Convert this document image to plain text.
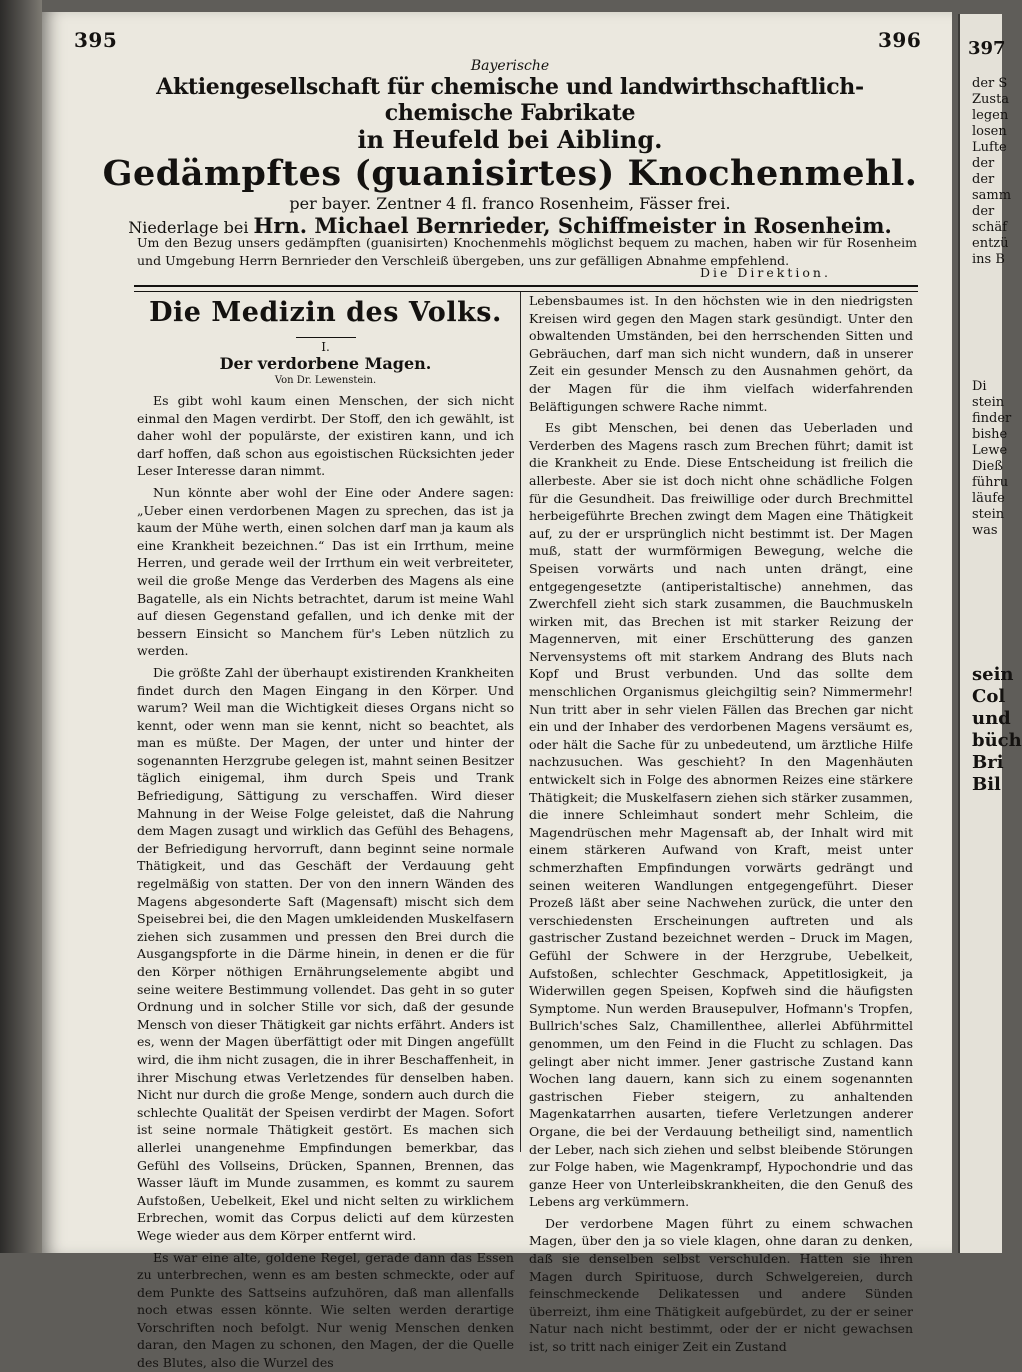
395	396
Bayerische
Aktiengesellschaft für chemische und landwirthschaftlich-chemische Fabrikate
in Heufeld bei Aibling.
Gedämpftes (guanisirtes) Knochenmehl.
per bayer. Zentner 4 fl. franco Rosenheim, Fässer frei.
Niederlage bei Hrn. Michael Bernrieder, Schiffmeister in Rosenheim.
Um den Bezug unsers gedämpften (guanisirten) Knochenmehls möglichst bequem zu machen, haben wir für Rosenheim und Umgebung Herrn Bernrieder den Verschleiß übergeben, uns zur gefälligen Abnahme empfehlend.
Die Direktion.
Die Medizin des Volks.
I.
Der verdorbene Magen.
Von Dr. Lewenstein.

Es gibt wohl kaum einen Menschen, der sich nicht einmal den Magen verdirbt. Der Stoff, den ich gewählt, ist daher wohl der populärste, der existiren kann, und ich darf hoffen, daß schon aus egoistischen Rücksichten jeder Leser Interesse daran nimmt.

Nun könnte aber wohl der Eine oder Andere sagen: „Ueber einen verdorbenen Magen zu sprechen, das ist ja kaum der Mühe werth, einen solchen darf man ja kaum als eine Krankheit bezeichnen.“ Das ist ein Irrthum, meine Herren, und gerade weil der Irrthum ein weit verbreiteter, weil die große Menge das Verderben des Magens als eine Bagatelle, als ein Nichts betrachtet, darum ist meine Wahl auf diesen Gegenstand gefallen, und ich denke mit der bessern Einsicht so Manchem für's Leben nützlich zu werden.

Die größte Zahl der überhaupt existirenden Krankheiten findet durch den Magen Eingang in den Körper. Und warum? Weil man die Wichtigkeit dieses Organs nicht so kennt, oder wenn man sie kennt, nicht so beachtet, als man es müßte. Der Magen, der unter und hinter der sogenannten Herzgrube gelegen ist, mahnt seinen Besitzer täglich einigemal, ihm durch Speis und Trank Befriedigung, Sättigung zu verschaffen. Wird dieser Mahnung in der Weise Folge geleistet, daß die Nahrung dem Magen zusagt und wirklich das Gefühl des Behagens, der Befriedigung hervorruft, dann beginnt seine normale Thätigkeit, und das Geschäft der Verdauung geht regelmäßig von statten. Der von den innern Wänden des Magens abgesonderte Saft (Magensaft) mischt sich dem Speisebrei bei, die den Magen umkleidenden Muskelfasern ziehen sich zusammen und pressen den Brei durch die Ausgangspforte in die Därme hinein, in denen er die für den Körper nöthigen Ernährungselemente abgibt und seine weitere Bestimmung vollendet. Das geht in so guter Ordnung und in solcher Stille vor sich, daß der gesunde Mensch von dieser Thätigkeit gar nichts erfährt. Anders ist es, wenn der Magen überfättigt oder mit Dingen angefüllt wird, die ihm nicht zusagen, die in ihrer Beschaffenheit, in ihrer Mischung etwas Verletzendes für denselben haben. Nicht nur durch die große Menge, sondern auch durch die schlechte Qualität der Speisen verdirbt der Magen. Sofort ist seine normale Thätigkeit gestört. Es machen sich allerlei unangenehme Empfindungen bemerkbar, das Gefühl des Vollseins, Drücken, Spannen, Brennen, das Wasser läuft im Munde zusammen, es kommt zu saurem Aufstoßen, Uebelkeit, Ekel und nicht selten zu wirklichem Erbrechen, womit das Corpus delicti auf dem kürzesten Wege wieder aus dem Körper entfernt wird.

Es war eine alte, goldene Regel, gerade dann das Essen zu unterbrechen, wenn es am besten schmeckte, oder auf dem Punkte des Sattseins aufzuhören, daß man allenfalls noch etwas essen könnte. Wie selten werden derartige Vorschriften noch befolgt. Nur wenig Menschen denken daran, den Magen zu schonen, den Magen, der die Quelle des Blutes, also die Wurzel des

Lebensbaumes ist. In den höchsten wie in den niedrigsten Kreisen wird gegen den Magen stark gesündigt. Unter den obwaltenden Umständen, bei den herrschenden Sitten und Gebräuchen, darf man sich nicht wundern, daß in unserer Zeit ein gesunder Mensch zu den Ausnahmen gehört, da der Magen für die ihm vielfach widerfahrenden Beläftigungen schwere Rache nimmt.

Es gibt Menschen, bei denen das Ueberladen und Verderben des Magens rasch zum Brechen führt; damit ist die Krankheit zu Ende. Diese Entscheidung ist freilich die allerbeste. Aber sie ist doch nicht ohne schädliche Folgen für die Gesundheit. Das freiwillige oder durch Brechmittel herbeigeführte Brechen zwingt dem Magen eine Thätigkeit auf, zu der er ursprünglich nicht bestimmt ist. Der Magen muß, statt der wurmförmigen Bewegung, welche die Speisen vorwärts und nach unten drängt, eine entgegengesetzte (antiperistaltische) annehmen, das Zwerchfell zieht sich stark zusammen, die Bauchmuskeln wirken mit, das Brechen ist mit starker Reizung der Magennerven, mit einer Erschütterung des ganzen Nervensystems oft mit starkem Andrang des Bluts nach Kopf und Brust verbunden. Und das sollte dem menschlichen Organismus gleichgiltig sein? Nimmermehr! Nun tritt aber in sehr vielen Fällen das Brechen gar nicht ein und der Inhaber des verdorbenen Magens versäumt es, oder hält die Sache für zu unbedeutend, um ärztliche Hilfe nachzusuchen. Was geschieht? In den Magenhäuten entwickelt sich in Folge des abnormen Reizes eine stärkere Thätigkeit; die Muskelfasern ziehen sich stärker zusammen, die innere Schleimhaut sondert mehr Schleim, die Magendrüschen mehr Magensaft ab, der Inhalt wird mit einem stärkeren Aufwand von Kraft, meist unter schmerzhaften Empfindungen vorwärts gedrängt und seinen weiteren Wandlungen entgegengeführt. Dieser Prozeß läßt aber seine Nachwehen zurück, die unter den verschiedensten Erscheinungen auftreten und als gastrischer Zustand bezeichnet werden – Druck im Magen, Gefühl der Schwere in der Herzgrube, Uebelkeit, Aufstoßen, schlechter Geschmack, Appetitlosigkeit, ja Widerwillen gegen Speisen, Kopfweh sind die häufigsten Symptome. Nun werden Brausepulver, Hofmann's Tropfen, Bullrich'sches Salz, Chamillenthee, allerlei Abführmittel genommen, um den Feind in die Flucht zu schlagen. Das gelingt aber nicht immer. Jener gastrische Zustand kann Wochen lang dauern, kann sich zu einem sogenannten gastrischen Fieber steigern, zu anhaltenden Magenkatarrhen ausarten, tiefere Verletzungen anderer Organe, die bei der Verdauung betheiligt sind, namentlich der Leber, nach sich ziehen und selbst bleibende Störungen zur Folge haben, wie Magenkrampf, Hypochondrie und das ganze Heer von Unterleibskrankheiten, die den Genuß des Lebens arg verkümmern.

Der verdorbene Magen führt zu einem schwachen Magen, über den ja so viele klagen, ohne daran zu denken, daß sie denselben selbst verschulden. Hatten sie ihren Magen durch Spirituose, durch Schwelgereien, durch feinschmeckende Delikatessen und andere Sünden überreizt, ihm eine Thätigkeit aufgebürdet, zu der er seiner Natur nach nicht bestimmt, oder der er nicht gewachsen ist, so tritt nach einiger Zeit ein Zustand

397
der S
Zusta
legen
losen
Lufte
der
der
samm
der
schäf
entzü
ins B
Di
stein
finder
bishe
Lewe
Dieß
führu
läufe
stein
was
sein
Col
und
büch
Bri
Bil
